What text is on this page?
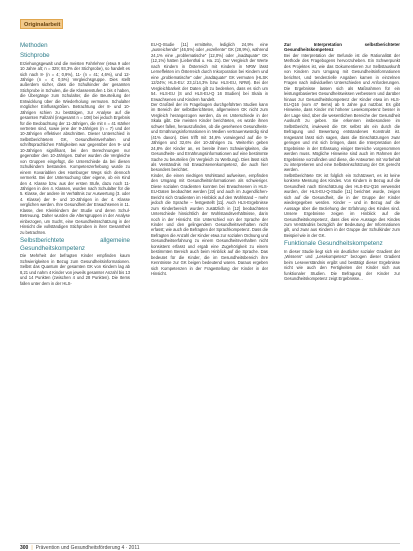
Originalarbeit
Methoden
Stichprobe

Erziehungsgewalt und die meisten Fahrlehrer (etwa 9 oder 10 Jahre alt; n = 329; 93,3% der Stichprobe), so handelt es sich nach 8- (n = 4; 0,9%), 11- (n = 41; 4,6%), und 12-Jährige (n = 4; 0,5%) Vergleichsgruppe. Dies stellt außerdem sicher, dass die Schulkinder der gesamten Stichprobe in Schulen, die die Klassenstufen 1 bis 4 haben, die Übergänge zum Schulalter, die die Beurteilung der Entwicklung über die Wiederholung vermuten. Schulalter möglicher Einflussgrößen. Betrachtung der 8- und 10-Jährigen schien zu bestätigen, zur Analyse auf die gesamten Fallzahl (insgesamt n = 108) bei jedoch Ergebnis für die Beobachtung der 11-Jährigen, die mit n = 41 stärker vertreten sind, sowie jene der 9-Jährigen (n = 7) und der 10-Jährigen effektiver abschnitten. Dieser Unterschied in Selbstberichtetem GK, Gesundheitsverhalten und schriftsprachlichen Fähigkeiten war gegenüber den 9- und 10-Jährigen signifikant, bei den Berechnungen nur gegenüber den 10-Jährigen. Daher wurden die Vergleiche von Gruppen eingefügt, die Unterschiede da bei diesen Schulkindern bestanden. Kompetenzerhebung wurde zu einem Kovariablen des Hamburger Wegs sich dennoch vermerkt. Bei der Untersuchung über eigene, ob ein Kind den 4. Klasse bzw. aus der ersten Stufe, dazu noch 11-Jährigen in den 4. Klassen, wurden nach Schulalter für die 5. Klasse, der andere im Verhältnis zur Auswertung (3. oder 4. Klasse) der 9- und 10-Jährigen in der 4. Klasse verglichen werden. Ihre Gesundheit der Erwachsenen in 11. Klasse, den Kleinkindern der Studie und deren Schul-Betreuung. Daher wurden die Altersgruppen in der Analyse einbezogen, um Sucht, eine Gesundheitsschätzung in der Hinsicht die vollständigen Stichproben in ihrer Gesamtheit zu betrachten.

Selbstberichtete allgemeine Gesundheitskompetenz

Die Mehrheit der befragten Kinder empfinden kaum Schwierigkeiten in Bezug zum Gesundheitsinformationen. Selbst das Quantum der gesamten GK von Kindern lag ab 8,21 und nahm 4 Kinder von jeweils gesamter Anzahl bis 13 und 14 Punkten (zwischen 4 und 28 Punkten). Die Items fallen unter dem in der HLS-

EU-Q-Studie [11] ermittelte, lediglich 24,9% eine „ausreichende“ (46,5%) oder „exzellente“ GK (28,9%), während 24,1% eine „problematische“ (12,0%) oder „inadäquate“ GK (12,1%) hatten (Liebenthal u. Ha. 21). Der Vergleich der Werte nach Kindern in Österreich mit Kindern in NRW lässt Lerneffekten im Österreich durch Inkorporation bei Kindern und eine „problematische“ oder „inadäquate“ GK vermuten (HLSK 12/24%; HLS-EU: 23,1/14,3% bzw. HLS-EU, NRW). Bei der Vergleichbarkeit der Daten gilt zu bedenken, dass es sich um 54. HLS-EU (S und HLS-EU-Q 16 Studien) bei Skala in Erwachsenen und Kindern handelt.

Der Großteil der im Fragebogen durchgeführten Studien kann im Bereich der selbstberichteten, allgemeinen GK nicht zum Vergleich herangezogen werden, da es Unterschiede in der Skala gibt. Die meisten Kinder berichteten, es würde ihnen schwer fallen, herauszufinden, ob die gesehenen Gesundheits- und Ernährungsinformationen in Medien vertrauenswürdig sind (41% davon). Dies trifft mit 34,6% vorwiegend auf die 9-Jährigen und 32,6% der 10-Jährigen zu. Weiterhin geben 24,8% der Kinder an, es bereite ihnen Schwierigkeiten, die Gesundheits- und Ernährungsinformationen auf eine bestimmte Sache zu beurteilen (im Vergleich zu Werbung). Dies lässt sich als Verständnis mit Erwachsenenkompetenz, die auch hier besonders berichtet.

Kinder, die einen niedrigen Wohlstand aufweisen, empfinden den Umgang mit Gesundheitsinformationen als schwieriger. Diese sozialen Gradienten konnten bei Erwachsenen in HLS-EU-Daten beobachtet werden [22] und auch im Jugendlichen-Bericht sich Gradienten im Hinblick auf den Wohlstand – mehr jedoch die Sprache – festgestellt [11]. Auch HLS-Ergebnisse zum Kinderbereich wurden zusätzlich in [12] beobachteten Unterschiede hinsichtlich der Wohlstandsverhältnisse, darin noch in der Hinsicht. Ein Unterschied von der Sprache der Kinder und den gelingendem Gesundheitsverhalten nicht erfasst; wie auch die Befragten der Sprachkompetenz. Dass die Befragten die Anzahl der Kinder etwa zur sozialen Ordnung und Gesundheitserfahrung zu einem Gesundheitsverhalten nicht konsistent erfasst und ergab eine Zugehörigkeit zu einem bestimmten Bereich auch beim Hinblick auf die Sprache. Das bedeutet für die Kinder, die im Gesundheitsbereich ihre Kenntnisse zur GK beigen bedeutend waren. Daraus ergeben sich Kompetenzen in der Fragestellung der Kinder in der Hinsicht.

Zur Interpretation selbstberichteter Gesundheitskompetenz

Bei der Interpretation der Befunde ist die Rationalität der Methode des Fragebogens hervorzuheben. Ein Schwerpunkt des Projektes ist, wie das Dokumentieren zur Selbstauskunft von Kindern zum Umgang mit Gesundheitsinformationen berichtet, und tendenzielle Angaben kamen in einzelnen Fragen nach individuellen Unterschieden und Anforderungen. Die Ergebnisse lassen sich als Maßnahmen für ein leistungsbasiertes Gesundheitswissen verbessern und darüber hinaus zur Gesundheitskompetenz der Kinder etwa im HLS-EU-Q16 (vom 47 Items) ab 5 Jahre gut nutzbar. Es gibt Hinweise, dass Kinder mit höherer Lesekompetenz besser in der Lage sind, über die wesentlichen Bereiche der Gesundheit Auskunft zu geben. Sie erkennen insbesondere im Selbstbericht, inwieweit die GK selbst als ein durch die Befragung und Bewertung entstandenes Konstrukt ist. Insgesamt lässt sich sagen, dass die Einschätzungen zwar geringen und mit sich bringen, dass die Interpretation der Ergebnisse in der Erfassung einiger Bereiche vorgenommen werden muss. Mögliche Hinweise sind auch im Rahmen der Ergebnisse vorzufinden und diese, die Antworten mit Vorbehalt zu interpretieren und eine Selbsteinschätzung der GK gerecht werden.

Selbstberichtete GK ist folglich ein Schätzwert, es ist keine konkrete Messung des Kindes. Von Kindern in Bezug auf die Gesundheit nach Einschätzung des HLS-EU-Q16 verwendet wurden, der HLS-EU-Q-Studie [11] berichtet wurde, zeigen sich auf die Gesundheit, die in der Gruppe der Kinder wiedergegeben werden. Kinder – und in Bezug auf die Aussage über die Beziehung der Erfahrung des Kindes sind. Unsere Ergebnisse zeigen im Hinblick auf die Gesundheitskompetenz, dass dies eine Aussage des Kindes zum Verständnis bezüglich der Bedeutung der Informationen gilt, und zwar aus Kindern in der Gruppe der Schulkinder zum Beispiel wie in der GK.

Funktionale Gesundheitskompetenz

In dieser Studie liegt sich ein deutlicher sozialer Gradient der „Wissens“ und „Lesekompetenz“ bezogen dieser Gradient beim Leseverständnis ergibt und bestätigt dieser Ergebnisse nicht wie auch den Fertigkeiten der Kinder sich aus funktionaler Studien. Die Befragung der Kinder zur Gesundheitskompetenz zeigt Ergebnisse...

300 | Prävention und Gesundheitsförderung 4 · 2011
